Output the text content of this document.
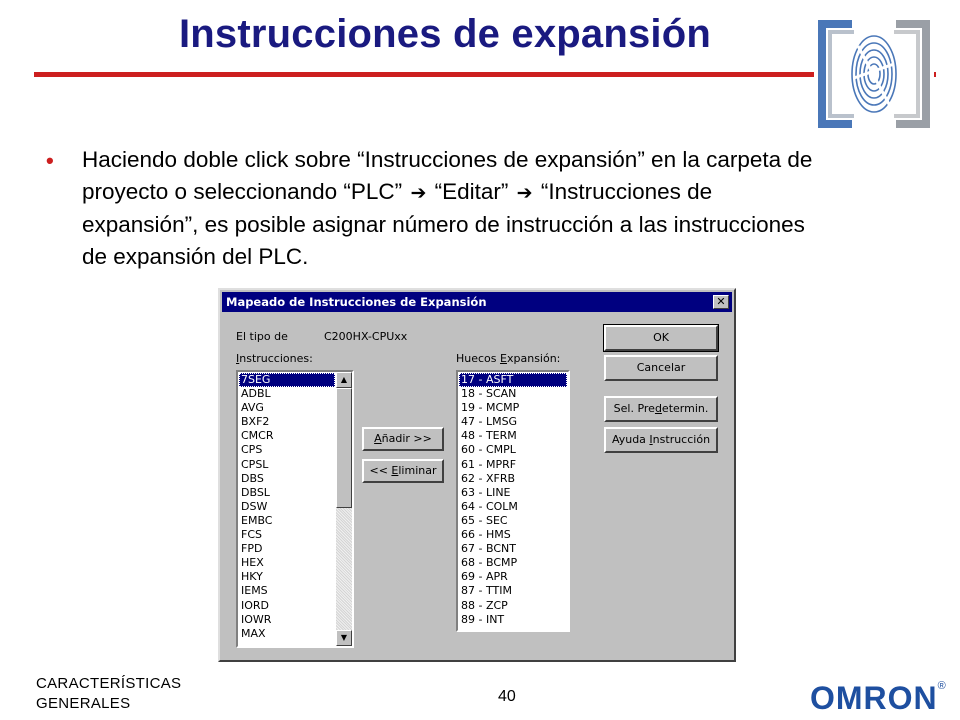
Instrucciones de expansión
• Haciendo doble click sobre “Instrucciones de expansión” en la carpeta de proyecto o seleccionando “PLC” ➔ “Editar” ➔ “Instrucciones de expansión”, es posible asignar número de instrucción a las instrucciones de expansión del PLC.
Mapeado de Instrucciones de Expansión	✕
El tipo de	C200HX-CPUxx
Instrucciones:	Huecos Expansión:
7SEG
ADBL
AVG
BXF2
CMCR
CPS
CPSL
DBS
DBSL
DSW
EMBC
FCS
FPD
HEX
HKY
IEMS
IORD
IOWR
MAX
▲
▼
Añadir >>
<< Eliminar
17 - ASFT
18 - SCAN
19 - MCMP
47 - LMSG
48 - TERM
60 - CMPL
61 - MPRF
62 - XFRB
63 - LINE
64 - COLM
65 - SEC
66 - HMS
67 - BCNT
68 - BCMP
69 - APR
87 - TTIM
88 - ZCP
89 - INT
OK
Cancelar
Sel. Predetermin.
Ayuda Instrucción
CARACTERÍSTICAS
GENERALES	40	OMRON®
